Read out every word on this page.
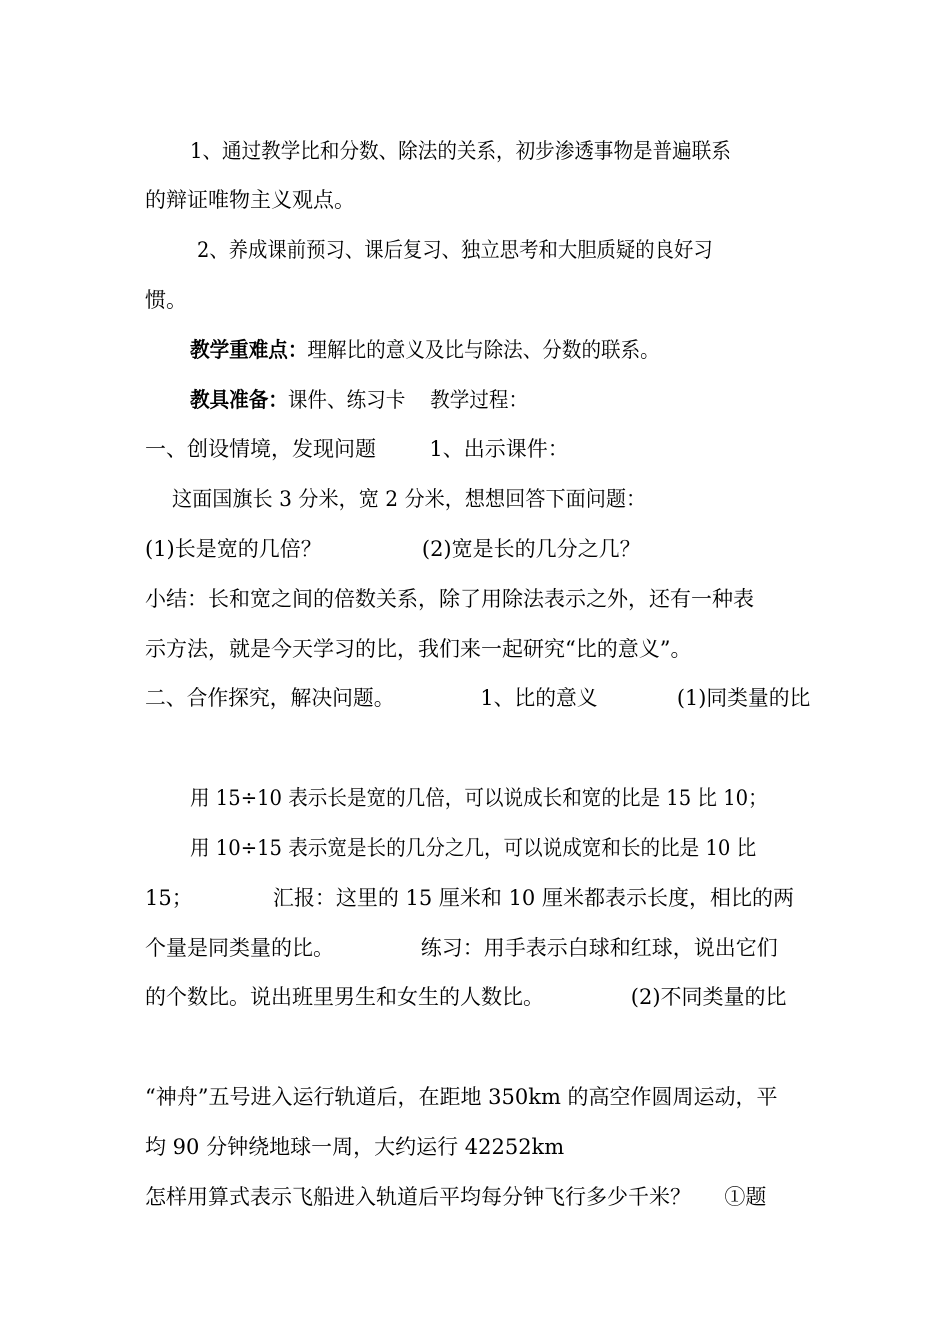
1、通过教学比和分数、除法的关系，初步渗透事物是普遍联系
的辩证唯物主义观点。
2、养成课前预习、课后复习、独立思考和大胆质疑的良好习
惯。
教学重难点：理解比的意义及比与除法、分数的联系。
教具准备：课件、练习卡    教学过程：
一、创设情境，发现问题        1、出示课件：
这面国旗长 3 分米，宽 2 分米，想想回答下面问题：
(1)长是宽的几倍？               (2)宽是长的几分之几？
小结：长和宽之间的倍数关系，除了用除法表示之外，还有一种表
示方法，就是今天学习的比，我们来一起研究“比的意义”。
二、合作探究，解决问题。             1、比的意义            (1)同类量的比
用 15÷10 表示长是宽的几倍，可以说成长和宽的比是 15 比 10；
用 10÷15 表示宽是长的几分之几，可以说成宽和长的比是 10 比
15；            汇报：这里的 15 厘米和 10 厘米都表示长度，相比的两
个量是同类量的比。             练习：用手表示白球和红球，说出它们
的个数比。说出班里男生和女生的人数比。             (2)不同类量的比
“神舟”五号进入运行轨道后，在距地 350km 的高空作圆周运动，平
均 90 分钟绕地球一周，大约运行 42252km
怎样用算式表示飞船进入轨道后平均每分钟飞行多少千米？     ①题
